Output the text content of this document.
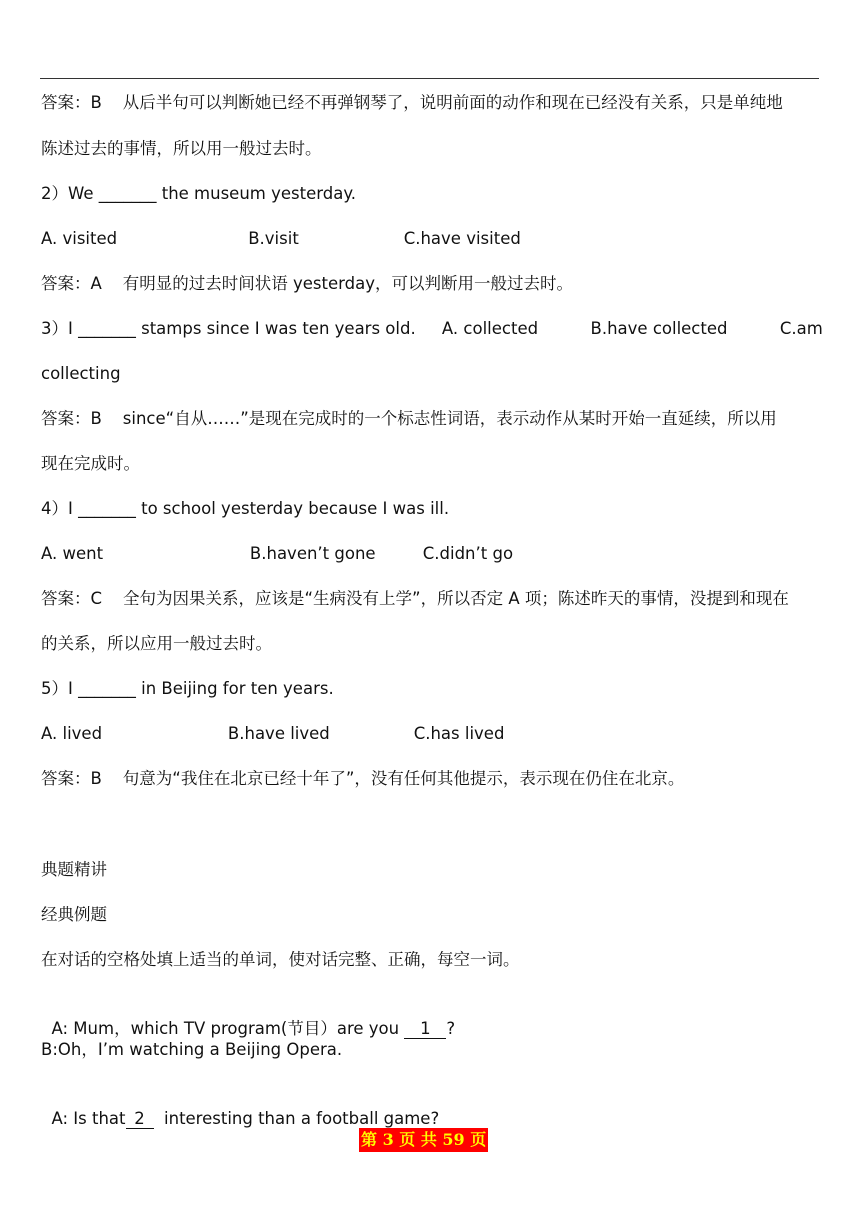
答案：B    从后半句可以判断她已经不再弹钢琴了，说明前面的动作和现在已经没有关系，只是单纯地
陈述过去的事情，所以用一般过去时。
2）We _______ the museum yesterday.
A. visited                         B.visit                    C.have visited
答案：A    有明显的过去时间状语 yesterday，可以判断用一般过去时。
3）I _______ stamps since I was ten years old.     A. collected          B.have collected          C.am
collecting
答案：B    since“自从……”是现在完成时的一个标志性词语，表示动作从某时开始一直延续，所以用
现在完成时。
4）I _______ to school yesterday because I was ill.
A. went                            B.haven’t gone         C.didn’t go
答案：C    全句为因果关系，应该是“生病没有上学”，所以否定 A 项；陈述昨天的事情，没提到和现在
的关系，所以应用一般过去时。
5）I _______ in Beijing for ten years.
A. lived                        B.have lived                C.has lived
答案：B    句意为“我住在北京已经十年了”，没有任何其他提示，表示现在仍住在北京。
典题精讲
经典例题
在对话的空格处填上适当的单词，使对话完整、正确，每空一词。

A: Mum，which TV program(节目）are you 1 ?

B:Oh，I’m watching a Beijing Opera.

A: Is that 2  interesting than a football game?

第 3 页 共 59 页
